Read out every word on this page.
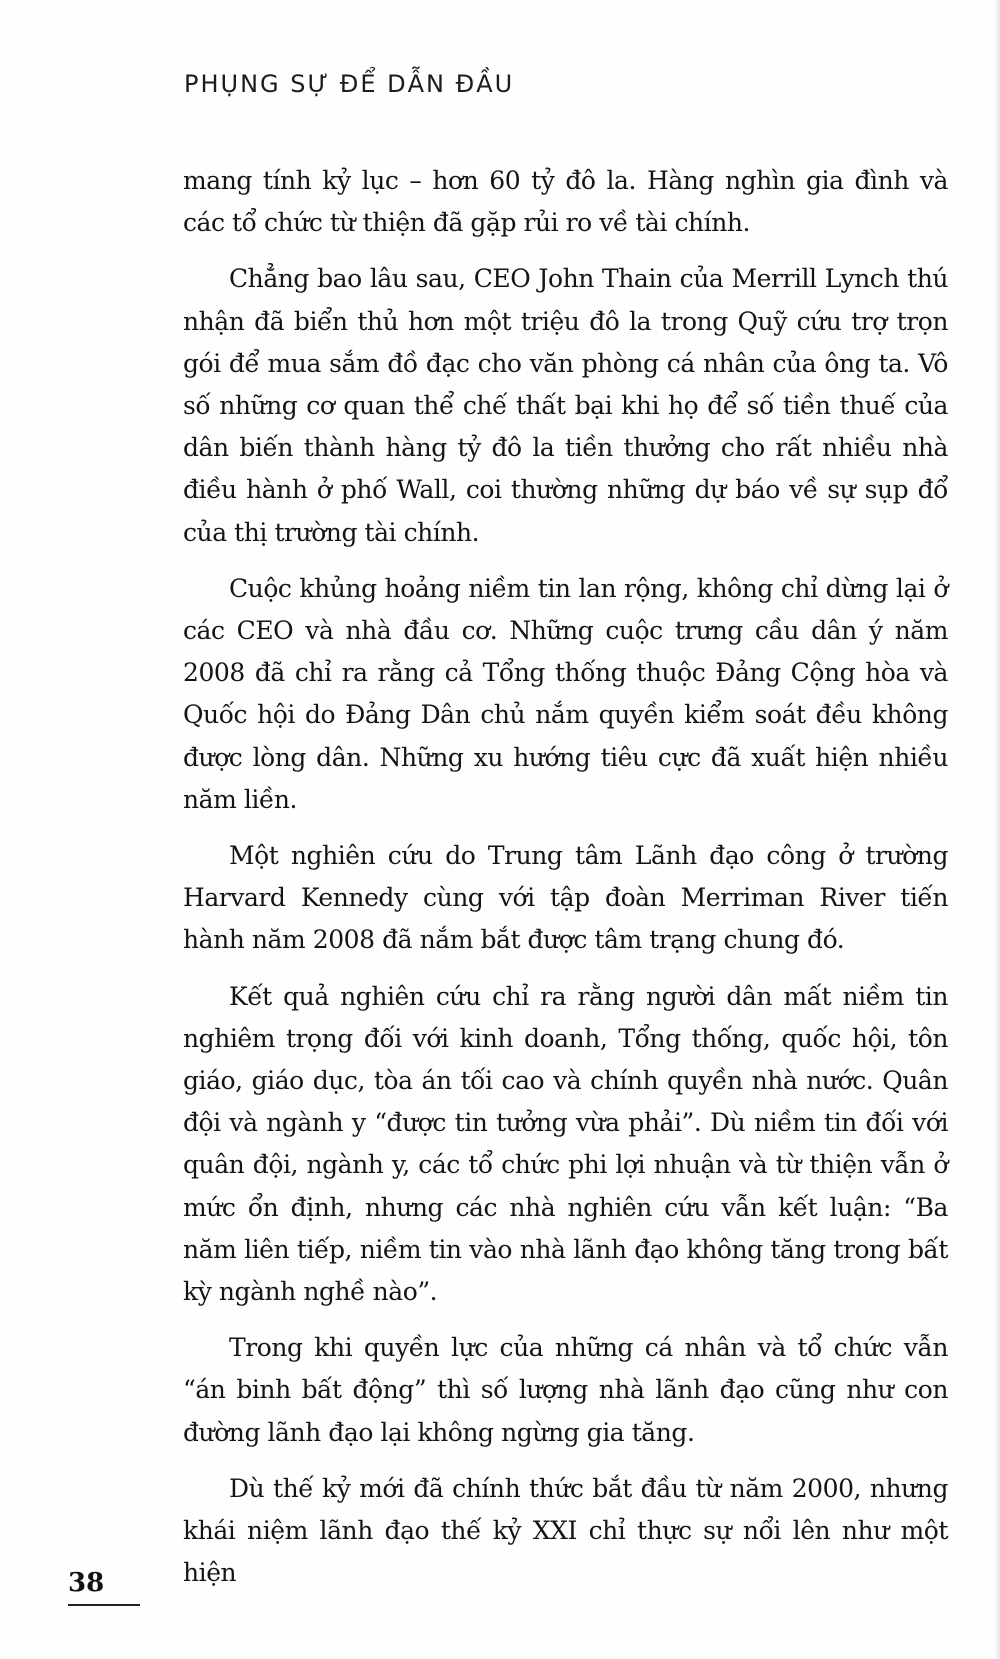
PHỤNG SỰ ĐỂ DẪN ĐẦU

mang tính kỷ lục – hơn 60 tỷ đô la. Hàng nghìn gia đình và các tổ chức từ thiện đã gặp rủi ro về tài chính.

Chẳng bao lâu sau, CEO John Thain của Merrill Lynch thú nhận đã biển thủ hơn một triệu đô la trong Quỹ cứu trợ trọn gói để mua sắm đồ đạc cho văn phòng cá nhân của ông ta. Vô số những cơ quan thể chế thất bại khi họ để số tiền thuế của dân biến thành hàng tỷ đô la tiền thưởng cho rất nhiều nhà điều hành ở phố Wall, coi thường những dự báo về sự sụp đổ của thị trường tài chính.

Cuộc khủng hoảng niềm tin lan rộng, không chỉ dừng lại ở các CEO và nhà đầu cơ. Những cuộc trưng cầu dân ý năm 2008 đã chỉ ra rằng cả Tổng thống thuộc Đảng Cộng hòa và Quốc hội do Đảng Dân chủ nắm quyền kiểm soát đều không được lòng dân. Những xu hướng tiêu cực đã xuất hiện nhiều năm liền.

Một nghiên cứu do Trung tâm Lãnh đạo công ở trường Harvard Kennedy cùng với tập đoàn Merriman River tiến hành năm 2008 đã nắm bắt được tâm trạng chung đó.

Kết quả nghiên cứu chỉ ra rằng người dân mất niềm tin nghiêm trọng đối với kinh doanh, Tổng thống, quốc hội, tôn giáo, giáo dục, tòa án tối cao và chính quyền nhà nước. Quân đội và ngành y “được tin tưởng vừa phải”. Dù niềm tin đối với quân đội, ngành y, các tổ chức phi lợi nhuận và từ thiện vẫn ở mức ổn định, nhưng các nhà nghiên cứu vẫn kết luận: “Ba năm liên tiếp, niềm tin vào nhà lãnh đạo không tăng trong bất kỳ ngành nghề nào”.

Trong khi quyền lực của những cá nhân và tổ chức vẫn “án binh bất động” thì số lượng nhà lãnh đạo cũng như con đường lãnh đạo lại không ngừng gia tăng.

Dù thế kỷ mới đã chính thức bắt đầu từ năm 2000, nhưng khái niệm lãnh đạo thế kỷ XXI chỉ thực sự nổi lên như một hiện

38
